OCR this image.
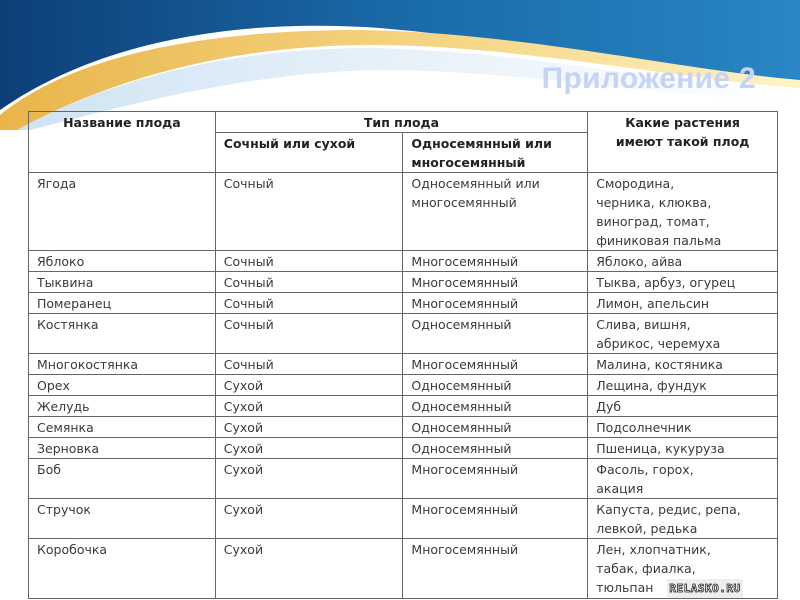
Приложение 2
Название плода	Тип плода		Какие растения
имеют такой плод
	Сочный или сухой	Односемянный или
многосемянный	
Ягода	Сочный	Односемянный или
многосемянный	Смородина,
черника, клюква,
виноград, томат,
финиковая пальма
Яблоко	Сочный	Многосемянный	Яблоко, айва
Тыквина	Сочный	Многосемянный	Тыква, арбуз, огурец
Померанец	Сочный	Многосемянный	Лимон, апельсин
Костянка	Сочный	Односемянный	Слива, вишня,
абрикос, черемуха
Многокостянка	Сочный	Многосемянный	Малина, костяника
Орех	Сухой	Односемянный	Лещина, фундук
Желудь	Сухой	Односемянный	Дуб
Семянка	Сухой	Односемянный	Подсолнечник
Зерновка	Сухой	Односемянный	Пшеница, кукуруза
Боб	Сухой	Многосемянный	Фасоль, горох,
акация
Стручок	Сухой	Многосемянный	Капуста, редис, репа,
левкой, редька
Коробочка	Сухой	Многосемянный	Лен, хлопчатник,
табак, фиалка,
тюльпан RELASKO.RU
